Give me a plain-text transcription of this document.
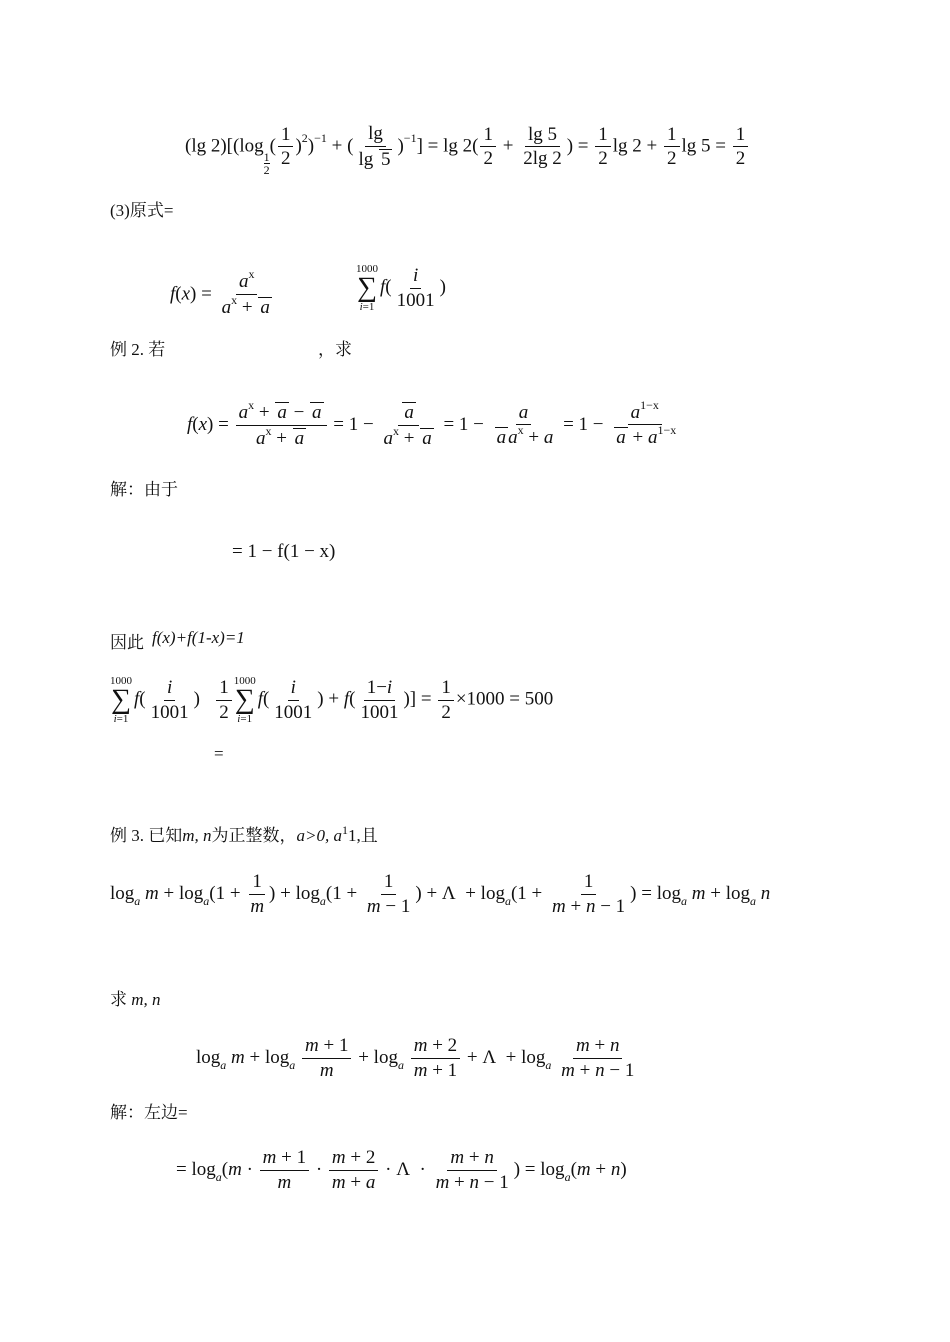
(lg 2)[(log
$\frac{1}{2}$
( $\frac{1}{2} )^2)^{-1}$ + ( $\frac{\lg}{\lg 5} )^{-1}] = \lg 2( \frac{1}{2} + \frac{\lg 5}{2\lg 2}$ ) = $\frac{1}{2}$ $\lg 2 + \frac{1}{2}$ $\lg 5 = \frac{1}{2}$
(3)原式=
$f(x) = \frac{a^x}{a^x + a}$
1000
∑
i=1
$f( \frac{i}{1001}$ )
例 2. 若	，求
$f(x) = \frac{a^x + a - a}{a^x + a} = 1 - \frac{a}{a^x + a} = 1 - \frac{a}{a a^x + a} = 1 - \frac{a^{1-x}}{a + a^{1-x}}$
解：由于
= 1 − f(1 − x)
因此 f(x)+f(1-x)=1
1000
∑
i=1
$f( \frac{i}{1001}$ ) $\frac{1}{2} 1000$
∑
i=1
$f( \frac{i}{1001}$ ) + $f( \frac{1-i}{1001}$ )] = $\frac{1}{2} \times 1000 = 500$
=
例 3. 已知m, n为正整数，a>0, $a^11$,且
$\log_a m + \log_a(1 + \frac{1}{m}$ ) + $\log_a(1 + \frac{1}{m - 1}$ ) + $\Lambda + \log_a(1 + \frac{1}{m + n - 1}$ ) = $\log_a m + \log_a n$
求 m, n
$\log_a m + \log_a \frac{m + 1}{m} + \log_a \frac{m + 2}{m + 1} + \Lambda + \log_a \frac{m + n}{m + n - 1}$
解：左边=
= $\log_a(m \cdot \frac{m + 1}{m} \cdot \frac{m + 2}{m + a} \cdot \Lambda \cdot \frac{m + n}{m + n - 1}$ ) = $\log_a(m + n)$
